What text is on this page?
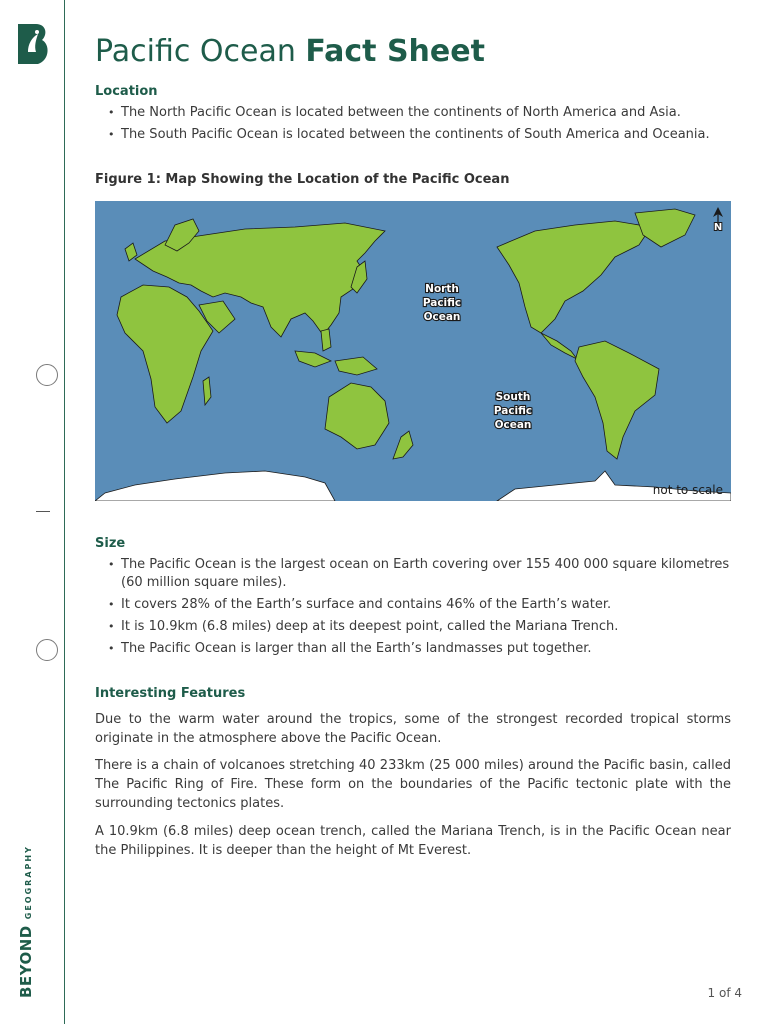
BEYONDGEOGRAPHY
Pacific Ocean Fact Sheet
Location
• The North Pacific Ocean is located between the continents of North America and Asia.
• The South Pacific Ocean is located between the continents of South America and Oceania.

Figure 1: Map Showing the Location of the Pacific Ocean

North
Pacific
Ocean
South
Pacific
Ocean
N
not to scale
Size
• The Pacific Ocean is the largest ocean on Earth covering over 155 400 000 square kilometres (60 million square miles).
• It covers 28% of the Earth’s surface and contains 46% of the Earth’s water.
• It is 10.9km (6.8 miles) deep at its deepest point, called the Mariana Trench.
• The Pacific Ocean is larger than all the Earth’s landmasses put together.
Interesting Features

Due to the warm water around the tropics, some of the strongest recorded tropical storms originate in the atmosphere above the Pacific Ocean.

There is a chain of volcanoes stretching 40 233km (25 000 miles) around the Pacific basin, called The Pacific Ring of Fire. These form on the boundaries of the Pacific tectonic plate with the surrounding tectonics plates.

A 10.9km (6.8 miles) deep ocean trench, called the Mariana Trench, is in the Pacific Ocean near the Philippines. It is deeper than the height of Mt Everest.

1 of 4
